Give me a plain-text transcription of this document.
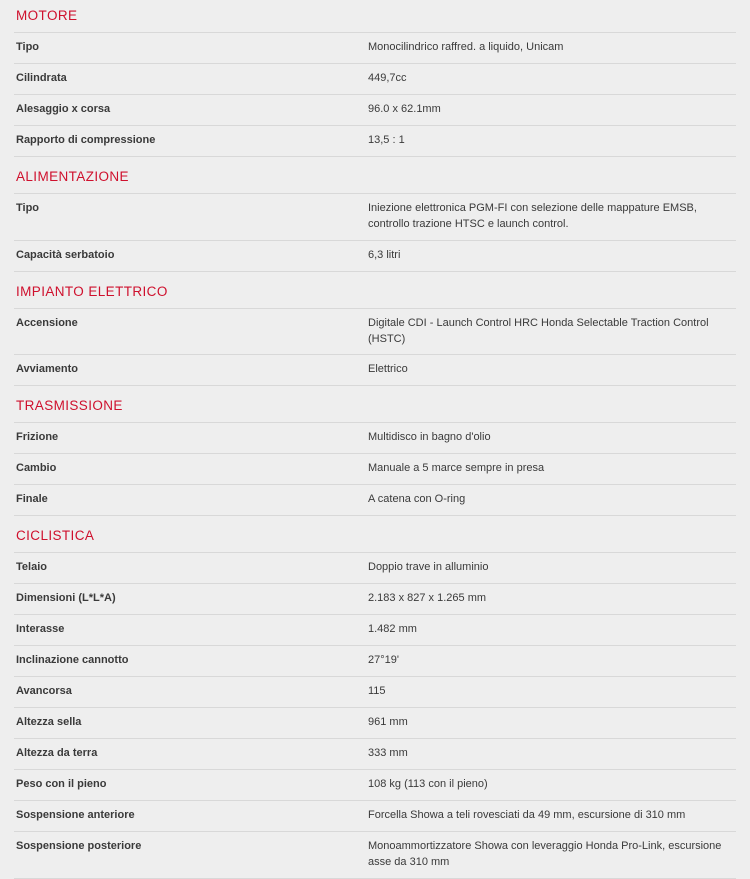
MOTORE
Tipo	Monocilindrico raffred. a liquido, Unicam
Cilindrata	449,7cc
Alesaggio x corsa	96.0 x 62.1mm
Rapporto di compressione	13,5 : 1
ALIMENTAZIONE
Tipo	Iniezione elettronica PGM-FI con selezione delle mappature EMSB, controllo trazione HTSC e launch control.
Capacità serbatoio	6,3 litri
IMPIANTO ELETTRICO
Accensione	Digitale CDI - Launch Control HRC Honda Selectable Traction Control (HSTC)
Avviamento	Elettrico
TRASMISSIONE
Frizione	Multidisco in bagno d'olio
Cambio	Manuale a 5 marce sempre in presa
Finale	A catena con O-ring
CICLISTICA
Telaio	Doppio trave in alluminio
Dimensioni (L*L*A)	2.183 x 827 x 1.265 mm
Interasse	1.482 mm
Inclinazione cannotto	27°19'
Avancorsa	115
Altezza sella	961 mm
Altezza da terra	333 mm
Peso con il pieno	108 kg (113 con il pieno)
Sospensione anteriore	Forcella Showa a teli rovesciati da 49 mm, escursione di 310 mm
Sospensione posteriore	Monoammortizzatore Showa con leveraggio Honda Pro-Link, escursione asse da 310 mm
